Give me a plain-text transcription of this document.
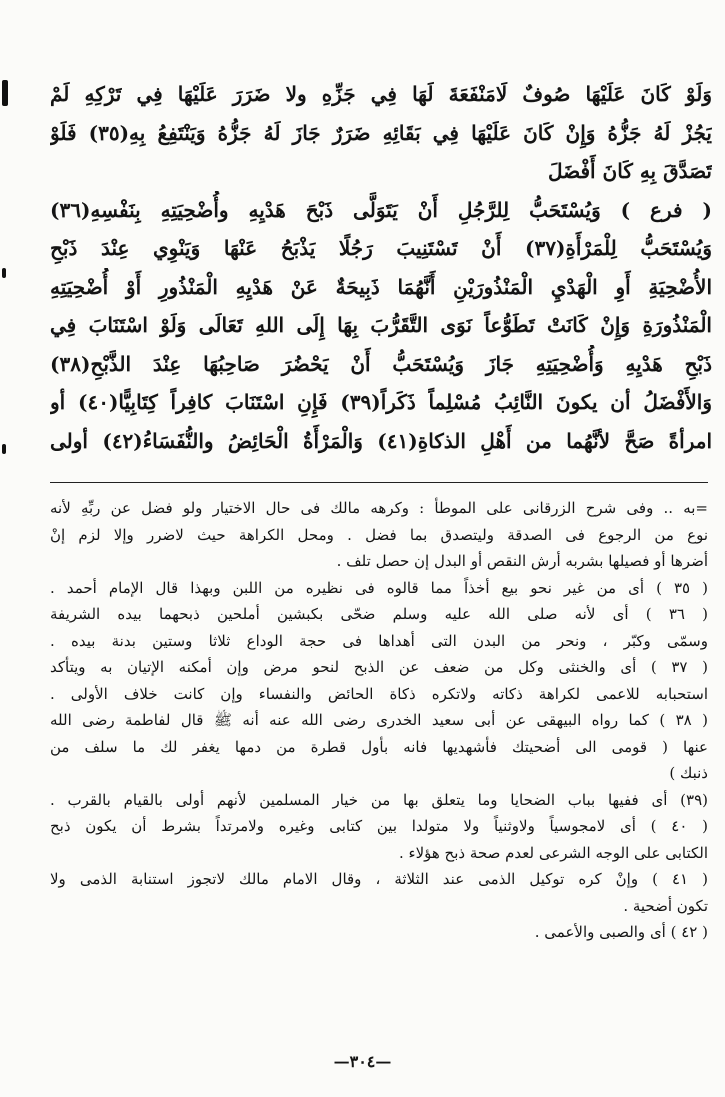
وَلَوْ كَانَ عَلَيْهَا صُوفٌ لَامَنْفَعَةَ لَهَا فِي جَزِّهِ ولا ضَرَرَ عَلَيْهَا فِي تَرْكِهِ لَمْ
يَجُزْ لَهُ جَزُّهُ وَإِنْ كَانَ عَلَيْهَا فِي بَقَائِهِ ضَرَرٌ جَازَ لَهُ جَزُّهُ وَيَنْتَفِعُ بِهِ(٣٥) فَلَوْ
تَصَدَّقَ بِهِ كَانَ أَفْضَلَ
( فرع ) وَيُسْتَحَبُّ لِلرَّجُلِ أَنْ يَتَوَلَّى ذَبْحَ هَدْيِهِ وأُضْحِيَتِهِ بِنَفْسِهِ(٣٦)
وَيُسْتَحَبُّ لِلْمَرْأَةِ(٣٧) أَنْ تَسْتَنِيبَ رَجُلًا يَذْبَحُ عَنْهَا وَيَنْوِي عِنْدَ ذَبْحِ
الأُضْحِيَةِ أَوِ الْهَدْيِ الْمَنْذُورَيْنِ أَنَّهُمَا ذَبِيحَةٌ عَنْ هَدْيِهِ الْمَنْذُورِ أَوْ أُضْحِيَتِهِ
الْمَنْذُورَةِ وَإِنْ كَانَتْ تَطَوُّعاً نَوَى التَّقَرُّبَ بِهَا إِلَى اللهِ تَعَالَى وَلَوْ اسْتَنَابَ فِي
ذَبْحِ هَدْيِهِ وَأُضْحِيَتِهِ جَازَ وَيُسْتَحَبُّ أَنْ يَحْضُرَ صَاحِبُهَا عِنْدَ الذَّبْحِ(٣٨)
وَالأَفْضَلُ أن يكونَ النَّائِبُ مُسْلِماً ذَكَراً(٣٩) فَإِنِ اسْتَنَابَ كافِراً كِتَابِيًّا(٤٠) أو
امرأةً صَحَّ لأنَّهُما من أَهْلِ الذكاةِ(٤١) وَالْمَرْأَةُ الْحَائِضُ والنُّفَسَاءُ(٤٢) أولى
=به .. وفى شرح الزرقانى على الموطأ : وكرهه مالك فى حال الاختيار ولو فضل عن ربِّهِ لأنه
نوع من الرجوع فى الصدقة وليتصدق بما فضل . ومحل الكراهة حيث لاضرر وإلا لزم إنْ
أضرها أو فصيلها بشربه أرش النقص أو البدل إن حصل تلف .
( ٣٥ ) أى من غير نحو بيع أخذاً مما قالوه فى نظيره من اللبن وبهذا قال الإمام أحمد .
( ٣٦ ) أى لأنه صلى الله عليه وسلم ضحّى بكبشين أملحين ذبحهما بيده الشريفة
وسمّى وكبّر ، ونحر من البدن التى أهداها فى حجة الوداع ثلاثا وستين بدنة بيده .
( ٣٧ ) أى والخنثى وكل من ضعف عن الذبح لنحو مرض وإن أمكنه الإتيان به ويتأكد
استحبابه للاعمى لكراهة ذكاته ولاتكره ذكاة الحائض والنفساء وإن كانت خلاف الأولى .
( ٣٨ ) كما رواه البيهقى عن أبى سعيد الخدرى رضى الله عنه أنه ﷺ قال لفاطمة رضى الله
عنها ( قومى الى أضحيتك فأشهديها فانه بأول قطرة من دمها يغفر لك ما سلف من
ذنبك )
(٣٩) أى ففيها بباب الضحايا وما يتعلق بها من خيار المسلمين لأنهم أولى بالقيام بالقرب .
( ٤٠ ) أى لامجوسياً ولاوثنياً ولا متولدا بين كتابى وغيره ولامرتداً بشرط أن يكون ذبح
الكتابى على الوجه الشرعى لعدم صحة ذبح هؤلاء .
( ٤١ ) وإنْ كره توكيل الذمى عند الثلاثة ، وقال الامام مالك لاتجوز استنابة الذمى ولا
تكون أضحية .
( ٤٢ ) أى والصبى والأعمى .
—٣٠٤—
